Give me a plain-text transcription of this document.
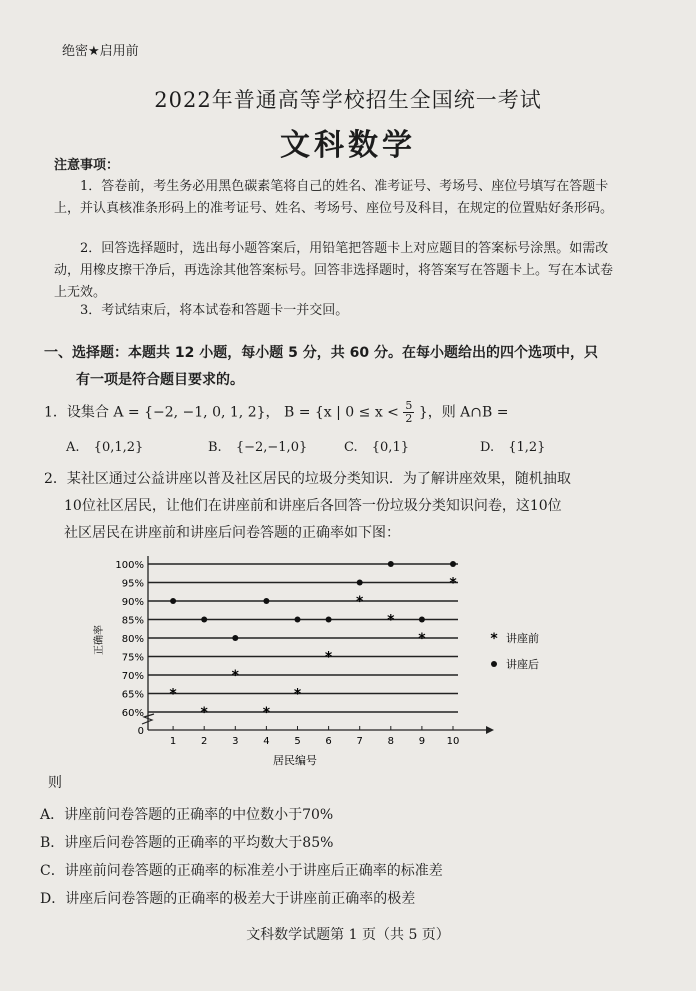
绝密★启用前
2022年普通高等学校招生全国统一考试
文科数学
注意事项：
1．答卷前，考生务必用黑色碳素笔将自己的姓名、准考证号、考场号、座位号填写在答题卡上，并认真核准条形码上的准考证号、姓名、考场号、座位号及科目，在规定的位置贴好条形码。
2．回答选择题时，选出每小题答案后，用铅笔把答题卡上对应题目的答案标号涂黑。如需改动，用橡皮擦干净后，再选涂其他答案标号。回答非选择题时，将答案写在答题卡上。写在本试卷上无效。
3．考试结束后，将本试卷和答题卡一并交回。
一、选择题：本题共 12 小题，每小题 5 分，共 60 分。在每小题给出的四个选项中，只
有一项是符合题目要求的。
1．设集合 A = {−2, −1, 0, 1, 2}， B = {x | $0 \le x < \frac{5}{2}$ }，则 A∩B =
A. {0,1,2}	B. {−2,−1,0}	C. {0,1}	D. {1,2}
2．某社区通过公益讲座以普及社区居民的垃圾分类知识．为了解讲座效果，随机抽取
10位社区居民，让他们在讲座前和讲座后各回答一份垃圾分类知识问卷，这10位
社区居民在讲座前和讲座后问卷答题的正确率如下图：
0
60%
65%
70%
75%
80%
85%
90%
95%
100%
1 2 3 4 5 6 7 8 9 10
*
*
*
*
*
*
*
*
*
*
* 讲座前
讲座后
居民编号
正确率
则
A．讲座前问卷答题的正确率的中位数小于70%
B．讲座后问卷答题的正确率的平均数大于85%
C．讲座前问卷答题的正确率的标准差小于讲座后正确率的标准差
D．讲座后问卷答题的正确率的极差大于讲座前正确率的极差
文科数学试题第 1 页（共 5 页）
